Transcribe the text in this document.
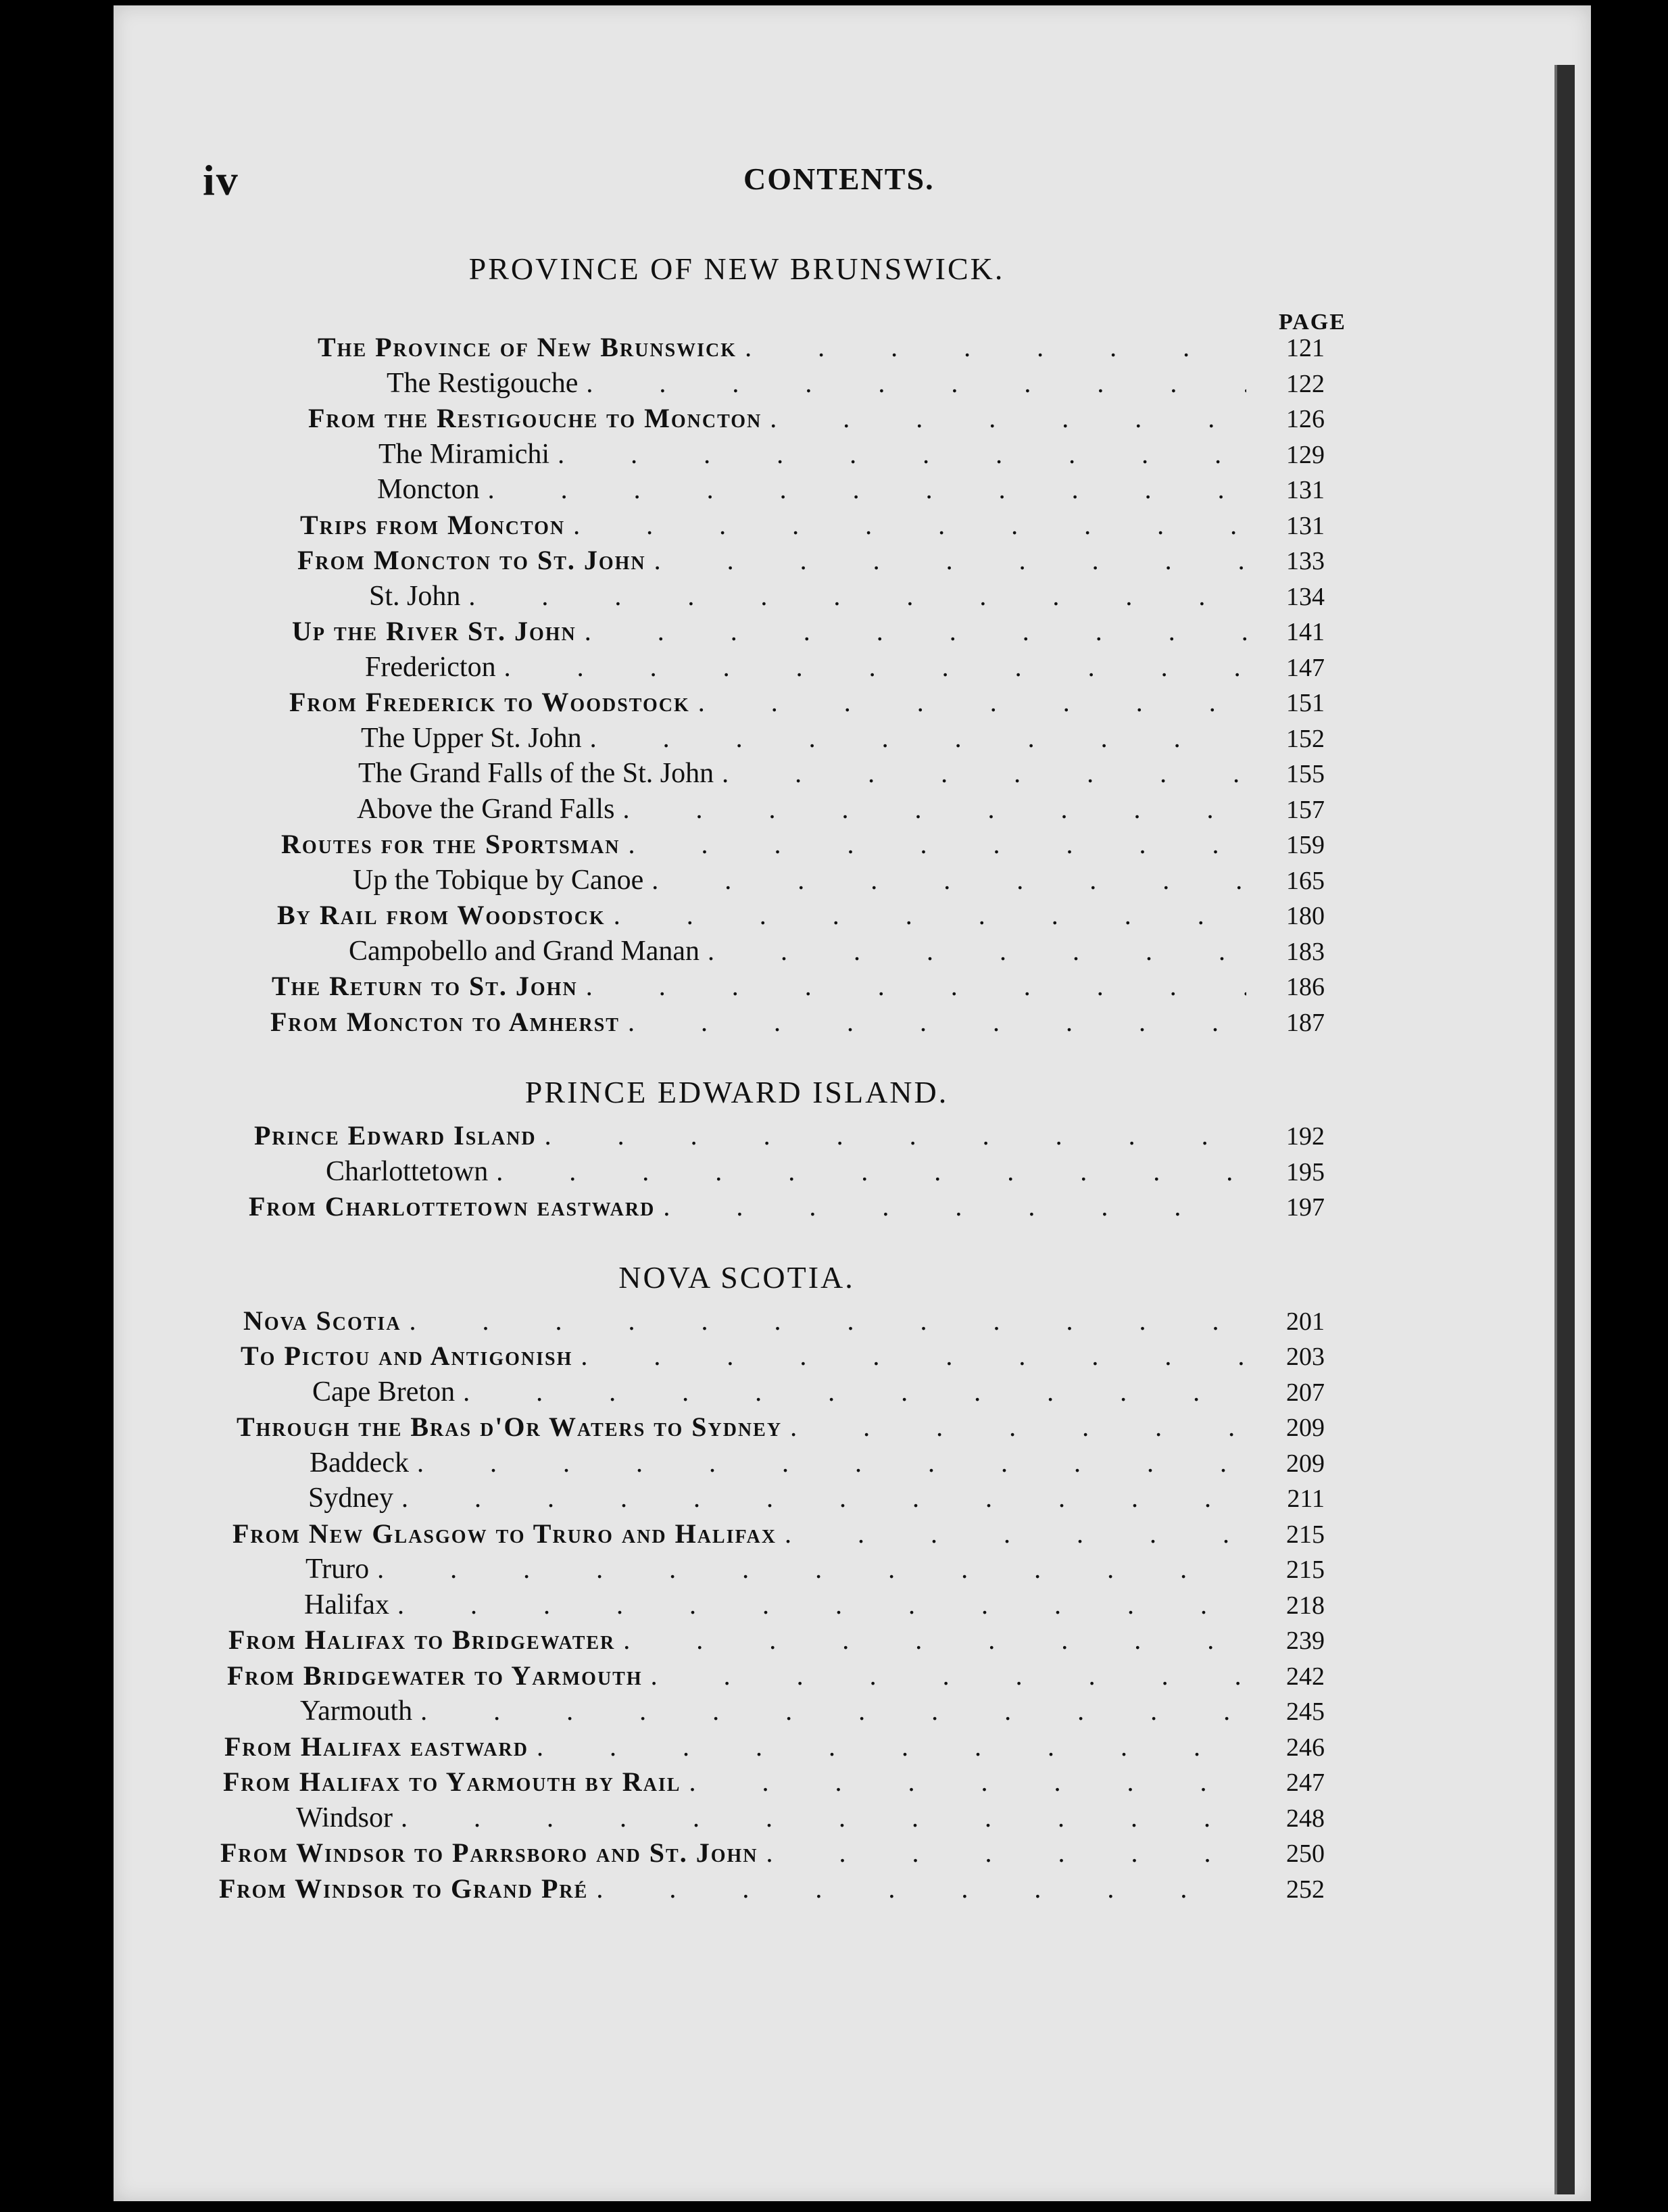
iv	CONTENTS.
PROVINCE OF NEW BRUNSWICK.
PAGE
The Province of New Brunswick . . .	121
The Restigouche . . .	122
From the Restigouche to Moncton . . .	126
The Miramichi . . .	129
Moncton . . .	131
Trips from Moncton . . .	131
From Moncton to St. John . . .	133
St. John . . .	134
Up the River St. John . . .	141
Fredericton . . .	147
From Frederick to Woodstock . . .	151
The Upper St. John . . .	152
The Grand Falls of the St. John . . .	155
Above the Grand Falls . . .	157
Routes for the Sportsman . . .	159
Up the Tobique by Canoe . . .	165
By Rail from Woodstock . . .	180
Campobello and Grand Manan . . .	183
The Return to St. John . . .	186
From Moncton to Amherst . . .	187
PRINCE EDWARD ISLAND.
Prince Edward Island . . .	192
Charlottetown . . .	195
From Charlottetown eastward . . .	197
NOVA SCOTIA.
Nova Scotia . . .	201
To Pictou and Antigonish . . .	203
Cape Breton . . .	207
Through the Bras d'Or Waters to Sydney . . .	209
Baddeck . . .	209
Sydney . . .	211
From New Glasgow to Truro and Halifax . . .	215
Truro . . .	215
Halifax . . .	218
From Halifax to Bridgewater . . .	239
From Bridgewater to Yarmouth . . .	242
Yarmouth . . .	245
From Halifax eastward . . .	246
From Halifax to Yarmouth by Rail . . .	247
Windsor . . .	248
From Windsor to Parrsboro and St. John . . .	250
From Windsor to Grand Pré . . .	252
